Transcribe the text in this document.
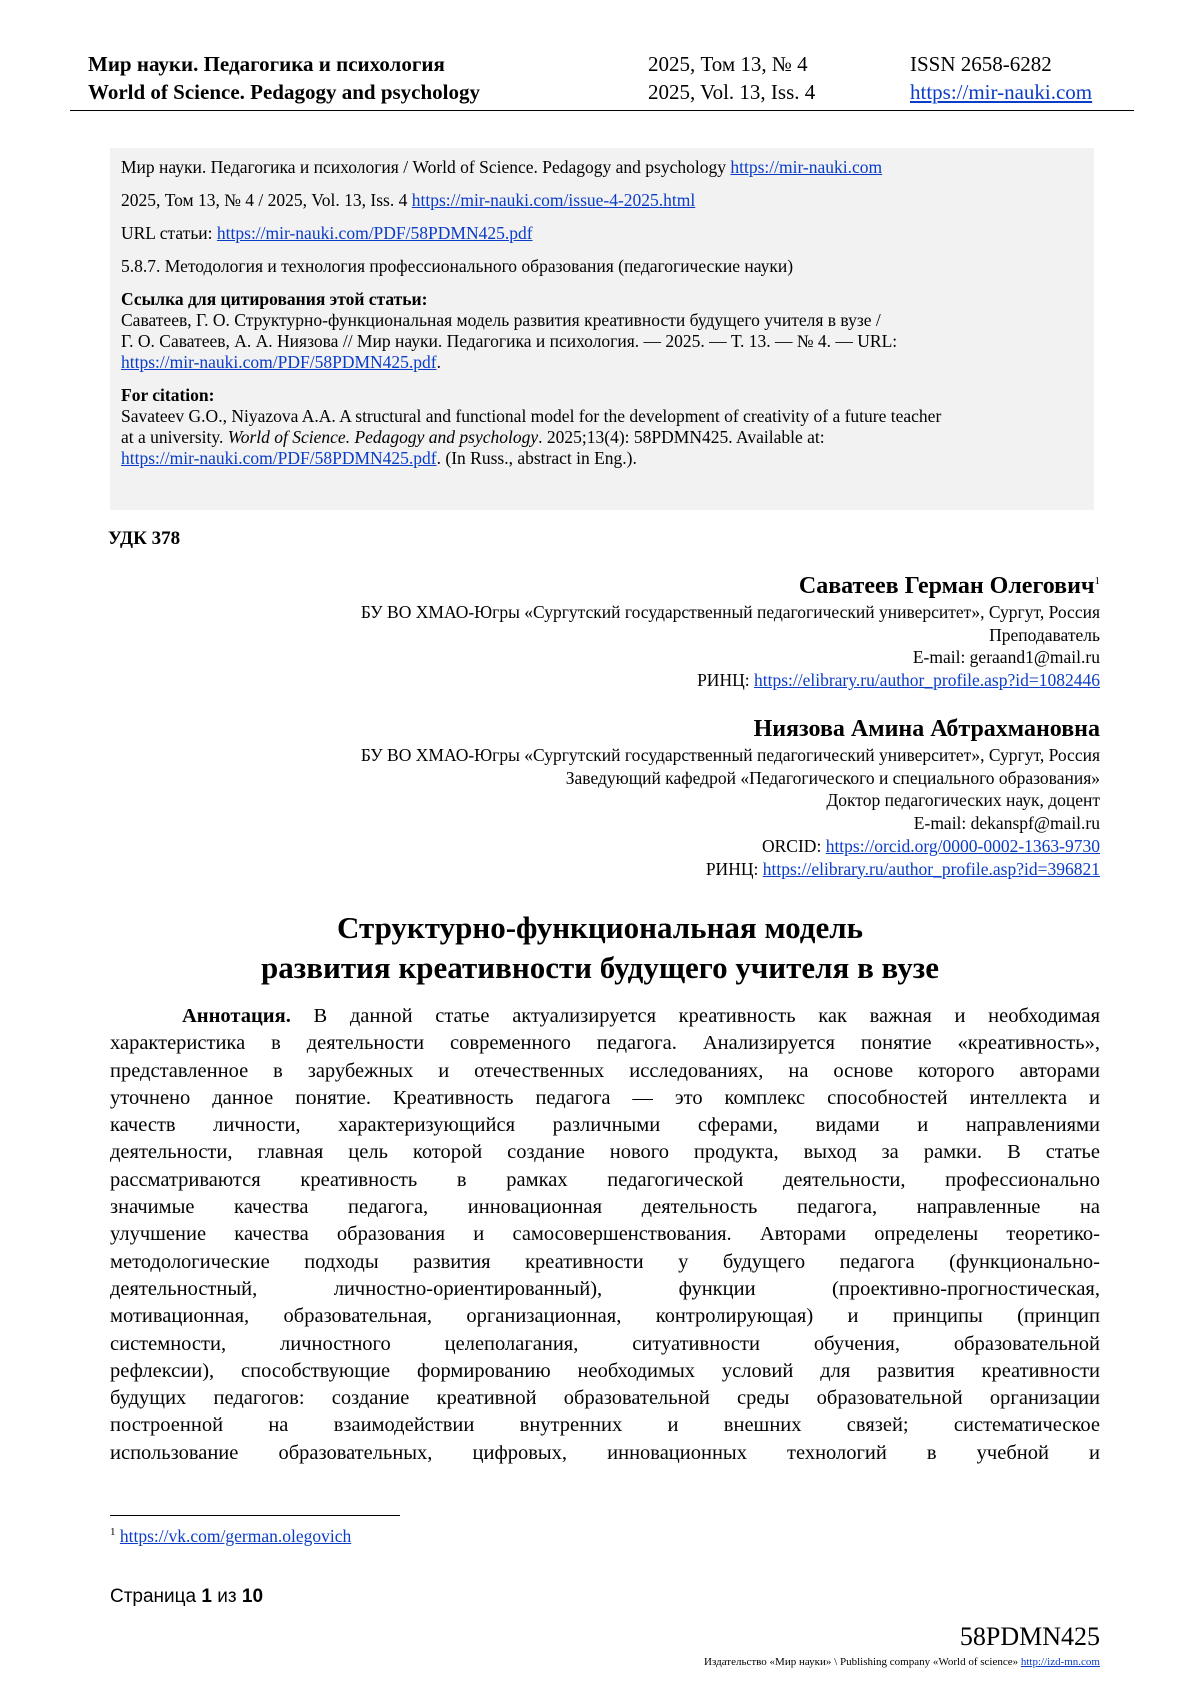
Мир науки. Педагогика и психология
World of Science. Pedagogy and psychology
2025, Том 13, № 4
2025, Vol. 13, Iss. 4
ISSN 2658-6282
https://mir-nauki.com
Мир науки. Педагогика и психология / World of Science. Pedagogy and psychology https://mir-nauki.com
2025, Том 13, № 4 / 2025, Vol. 13, Iss. 4 https://mir-nauki.com/issue-4-2025.html
URL статьи: https://mir-nauki.com/PDF/58PDMN425.pdf
5.8.7. Методология и технология профессионального образования (педагогические науки)
Ссылка для цитирования этой статьи:
Саватеев, Г. О. Структурно-функциональная модель развития креативности будущего учителя в вузе /
Г. О. Саватеев, А. А. Ниязова // Мир науки. Педагогика и психология. — 2025. — Т. 13. — № 4. — URL:
https://mir-nauki.com/PDF/58PDMN425.pdf.
For citation:
Savateev G.O., Niyazova A.A. A structural and functional model for the development of creativity of a future teacher
at a university. World of Science. Pedagogy and psychology. 2025;13(4): 58PDMN425. Available at:
https://mir-nauki.com/PDF/58PDMN425.pdf. (In Russ., abstract in Eng.).
УДК 378
Саватеев Герман Олегович$^1$
БУ ВО ХМАО-Югры «Сургутский государственный педагогический университет», Сургут, Россия
Преподаватель
E-mail: geraand1@mail.ru
РИНЦ: https://elibrary.ru/author_profile.asp?id=1082446
Ниязова Амина Абтрахмановна
БУ ВО ХМАО-Югры «Сургутский государственный педагогический университет», Сургут, Россия
Заведующий кафедрой «Педагогического и специального образования»
Доктор педагогических наук, доцент
E-mail: dekanspf@mail.ru
ORCID: https://orcid.org/0000-0002-1363-9730
РИНЦ: https://elibrary.ru/author_profile.asp?id=396821
Структурно-функциональная модель
развития креативности будущего учителя в вузе
Аннотация. В данной статье актуализируется креативность как важная и необходимая
характеристика в деятельности современного педагога. Анализируется понятие «креативность»,
представленное в зарубежных и отечественных исследованиях, на основе которого авторами
уточнено данное понятие. Креативность педагога — это комплекс способностей интеллекта и
качеств личности, характеризующийся различными сферами, видами и направлениями
деятельности, главная цель которой создание нового продукта, выход за рамки. В статье
рассматриваются креативность в рамках педагогической деятельности, профессионально
значимые качества педагога, инновационная деятельность педагога, направленные на
улучшение качества образования и самосовершенствования. Авторами определены теоретико-
методологические подходы развития креативности у будущего педагога (функционально-
деятельностный, личностно-ориентированный), функции (проективно-прогностическая,
мотивационная, образовательная, организационная, контролирующая) и принципы (принцип
системности, личностного целеполагания, ситуативности обучения, образовательной
рефлексии), способствующие формированию необходимых условий для развития креативности
будущих педагогов: создание креативной образовательной среды образовательной организации
построенной на взаимодействии внутренних и внешних связей; систематическое
использование образовательных, цифровых, инновационных технологий в учебной и
$^1$ https://vk.com/german.olegovich
Страница 1 из 10
58PDMN425
Издательство «Мир науки» \ Publishing company «World of science» http://izd-mn.com
